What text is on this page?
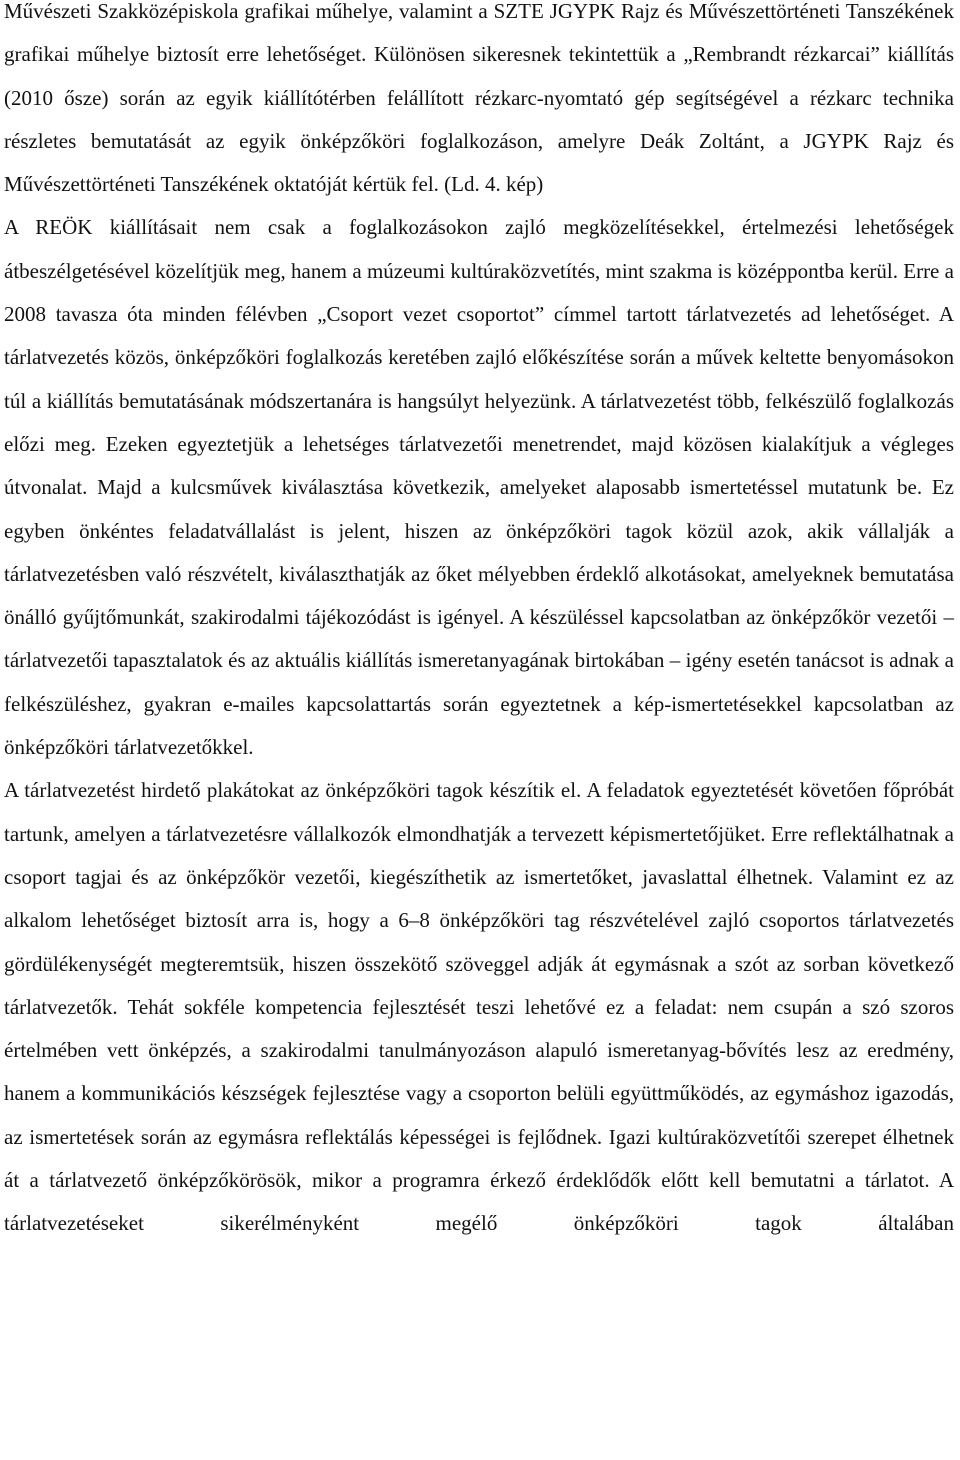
Művészeti Szakközépiskola grafikai műhelye, valamint a SZTE JGYPK Rajz és Művészettörténeti Tanszékének grafikai műhelye biztosít erre lehetőséget. Különösen sikeresnek tekintettük a „Rembrandt rézkarcai” kiállítás (2010 ősze) során az egyik kiállítótérben felállított rézkarc-nyomtató gép segítségével a rézkarc technika részletes bemutatását az egyik önképzőköri foglalkozáson, amelyre Deák Zoltánt, a JGYPK Rajz és Művészettörténeti Tanszékének oktatóját kértük fel. (Ld. 4. kép)

A REÖK kiállításait nem csak a foglalkozásokon zajló megközelítésekkel, értelmezési lehetőségek átbeszélgetésével közelítjük meg, hanem a múzeumi kultúraközvetítés, mint szakma is középpontba kerül. Erre a 2008 tavasza óta minden félévben „Csoport vezet csoportot” címmel tartott tárlatvezetés ad lehetőséget. A tárlatvezetés közös, önképzőköri foglalkozás keretében zajló előkészítése során a művek keltette benyomásokon túl a kiállítás bemutatásának módszertanára is hangsúlyt helyezünk. A tárlatvezetést több, felkészülő foglalkozás előzi meg. Ezeken egyeztetjük a lehetséges tárlatvezetői menetrendet, majd közösen kialakítjuk a végleges útvonalat. Majd a kulcsművek kiválasztása következik, amelyeket alaposabb ismertetéssel mutatunk be. Ez egyben önkéntes feladatvállalást is jelent, hiszen az önképzőköri tagok közül azok, akik vállalják a tárlatvezetésben való részvételt, kiválaszthatják az őket mélyebben érdeklő alkotásokat, amelyeknek bemutatása önálló gyűjtőmunkát, szakirodalmi tájékozódást is igényel. A készüléssel kapcsolatban az önképzőkör vezetői – tárlatvezetői tapasztalatok és az aktuális kiállítás ismeretanyagának birtokában – igény esetén tanácsot is adnak a felkészüléshez, gyakran e-mailes kapcsolattartás során egyeztetnek a kép-ismertetésekkel kapcsolatban az önképzőköri tárlatvezetőkkel.

A tárlatvezetést hirdető plakátokat az önképzőköri tagok készítik el. A feladatok egyeztetését követően főpróbát tartunk, amelyen a tárlatvezetésre vállalkozók elmondhatják a tervezett képismertetőjüket. Erre reflektálhatnak a csoport tagjai és az önképzőkör vezetői, kiegészíthetik az ismertetőket, javaslattal élhetnek. Valamint ez az alkalom lehetőséget biztosít arra is, hogy a 6–8 önképzőköri tag részvételével zajló csoportos tárlatvezetés gördülékenységét megteremtsük, hiszen összekötő szöveggel adják át egymásnak a szót az sorban következő tárlatvezetők. Tehát sokféle kompetencia fejlesztését teszi lehetővé ez a feladat: nem csupán a szó szoros értelmében vett önképzés, a szakirodalmi tanulmányozáson alapuló ismeretanyag-bővítés lesz az eredmény, hanem a kommunikációs készségek fejlesztése vagy a csoporton belüli együttműködés, az egymáshoz igazodás, az ismertetések során az egymásra reflektálás képességei is fejlődnek. Igazi kultúraközvetítői szerepet élhetnek át a tárlatvezető önképzőkörösök, mikor a programra érkező érdeklődők előtt kell bemutatni a tárlatot. A tárlatvezetéseket sikerélményként megélő önképzőköri tagok általában
